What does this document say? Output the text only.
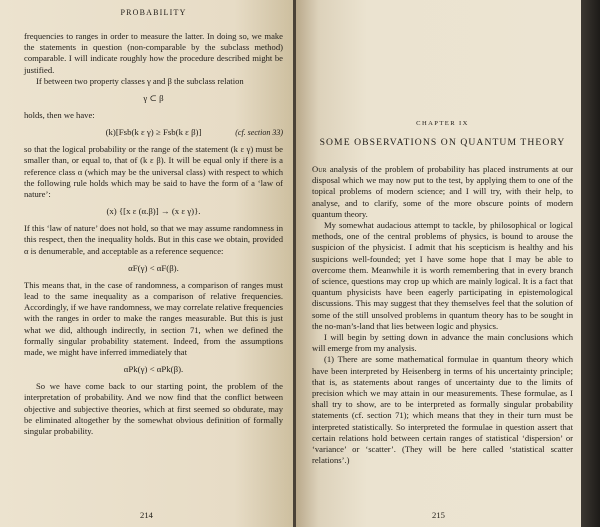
PROBABILITY

frequencies to ranges in order to measure the latter. In doing so, we make the statements in question (non-comparable by the subclass method) comparable. I will indicate roughly how the procedure described might be justified.

If between two property classes γ and β the subclass relation

γ ⊂ β

holds, then we have:

(k)[Fsb(k ε γ) ≥ Fsb(k ε β)]	(cf. section 33)

so that the logical probability or the range of the statement (k ε γ) must be smaller than, or equal to, that of (k ε β). It will be equal only if there is a reference class α (which may be the universal class) with respect to which the following rule holds which may be said to have the form of a ‘law of nature’:

(x) {[x ε (α.β)] → (x ε γ)}.

If this ‘law of nature’ does not hold, so that we may assume randomness in this respect, then the inequality holds. But in this case we obtain, provided α is denumerable, and acceptable as a reference sequence:

αF(γ) < αF(β).

This means that, in the case of randomness, a comparison of ranges must lead to the same inequality as a comparison of relative frequencies. Accordingly, if we have randomness, we may correlate relative frequencies with the ranges in order to make the ranges measurable. But this is just what we did, although indirectly, in section 71, when we defined the formally singular probability statement. Indeed, from the assumptions made, we might have inferred immediately that

αPk(γ) < αPk(β).

So we have come back to our starting point, the problem of the interpretation of probability. And we now find that the conflict between objective and subjective theories, which at first seemed so obdurate, may be eliminated altogether by the somewhat obvious definition of formally singular probability.

214
CHAPTER IX
SOME OBSERVATIONS ON QUANTUM THEORY

Our analysis of the problem of probability has placed instruments at our disposal which we may now put to the test, by applying them to one of the topical problems of modern science; and I will try, with their help, to analyse, and to clarify, some of the more obscure points of modern quantum theory.

My somewhat audacious attempt to tackle, by philosophical or logical methods, one of the central problems of physics, is bound to arouse the suspicion of the physicist. I admit that his scepticism is healthy and his suspicions well-founded; yet I have some hope that I may be able to overcome them. Meanwhile it is worth remembering that in every branch of science, questions may crop up which are mainly logical. It is a fact that quantum physicists have been eagerly participating in epistemological discussions. This may suggest that they themselves feel that the solution of some of the still unsolved problems in quantum theory has to be sought in the no-man’s-land that lies between logic and physics.

I will begin by setting down in advance the main conclusions which will emerge from my analysis.

(1) There are some mathematical formulae in quantum theory which have been interpreted by Heisenberg in terms of his uncertainty principle; that is, as statements about ranges of uncertainty due to the limits of precision which we may attain in our measurements. These formulae, as I shall try to show, are to be interpreted as formally singular probability statements (cf. section 71); which means that they in their turn must be interpreted statistically. So interpreted the formulae in question assert that certain relations hold between certain ranges of statistical ‘dispersion’ or ‘variance’ or ‘scatter’. (They will be here called ‘statistical scatter relations’.)

215
